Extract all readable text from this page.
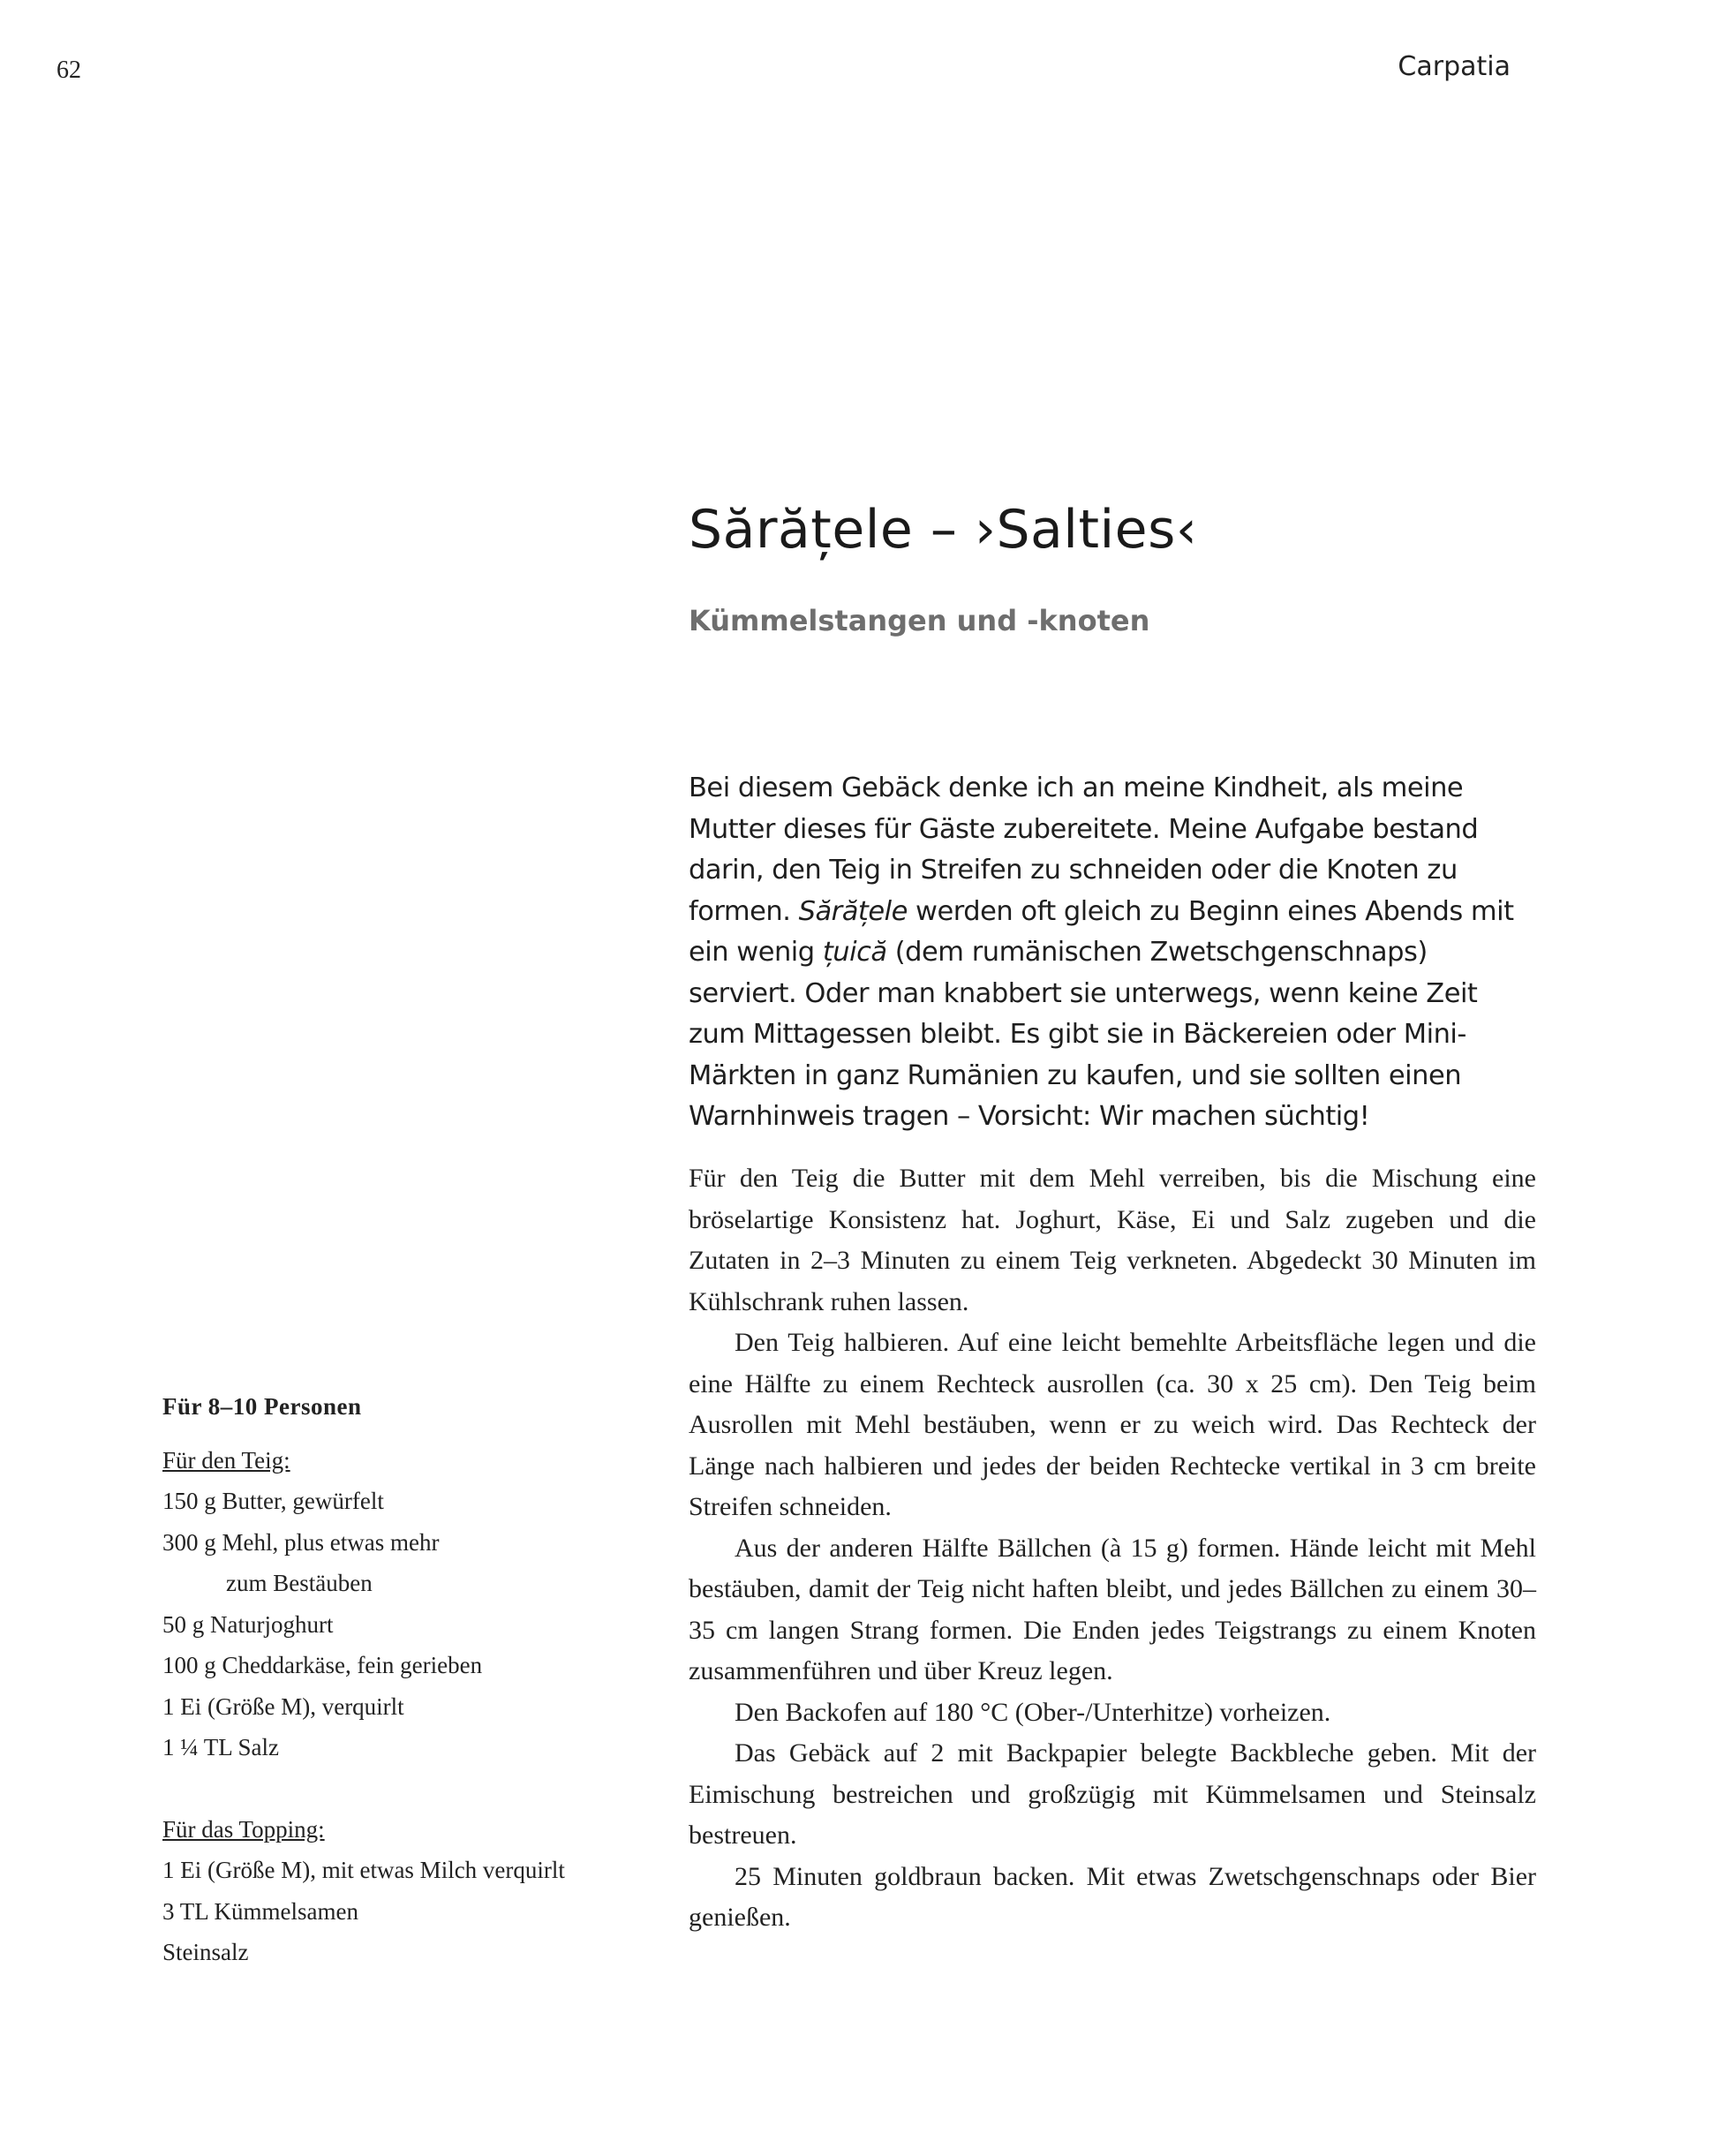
62	Carpatia
Sărățele – ›Salties‹
Kümmelstangen und -knoten

Bei diesem Gebäck denke ich an meine Kindheit, als meine Mutter dieses für Gäste zubereitete. Meine Aufgabe bestand darin, den Teig in Streifen zu schneiden oder die Knoten zu formen. Sărățele werden oft gleich zu Beginn eines Abends mit ein wenig țuică (dem rumänischen Zwetschgenschnaps) serviert. Oder man knabbert sie unterwegs, wenn keine Zeit zum Mittagessen bleibt. Es gibt sie in Bäckereien oder Mini-Märkten in ganz Rumänien zu kaufen, und sie sollten einen Warnhinweis tragen – Vorsicht: Wir machen süchtig!

Für 8–10 Personen

Für den Teig:

150 g Butter, gewürfelt
300 g Mehl, plus etwas mehr
zum Bestäuben
50 g Naturjoghurt
100 g Cheddarkäse, fein gerieben
1 Ei (Größe M), verquirlt
1 ¼ TL Salz

Für das Topping:

1 Ei (Größe M), mit etwas Milch verquirlt
3 TL Kümmelsamen
Steinsalz

Für den Teig die Butter mit dem Mehl verreiben, bis die Mischung eine bröselartige Konsistenz hat. Joghurt, Käse, Ei und Salz zugeben und die Zutaten in 2–3 Minuten zu einem Teig verkneten. Abgedeckt 30 Minuten im Kühlschrank ruhen lassen.

Den Teig halbieren. Auf eine leicht bemehlte Arbeitsfläche legen und die eine Hälfte zu einem Rechteck ausrollen (ca. 30 x 25 cm). Den Teig beim Ausrollen mit Mehl bestäuben, wenn er zu weich wird. Das Rechteck der Länge nach halbieren und jedes der beiden Rechtecke vertikal in 3 cm breite Streifen schneiden.

Aus der anderen Hälfte Bällchen (à 15 g) formen. Hände leicht mit Mehl bestäuben, damit der Teig nicht haften bleibt, und jedes Bällchen zu einem 30–35 cm langen Strang formen. Die Enden jedes Teigstrangs zu einem Knoten zusammenführen und über Kreuz legen.

Den Backofen auf 180 °C (Ober-/Unterhitze) vorheizen.

Das Gebäck auf 2 mit Backpapier belegte Backbleche geben. Mit der Eimischung bestreichen und großzügig mit Kümmelsamen und Steinsalz bestreuen.

25 Minuten goldbraun backen. Mit etwas Zwetschgenschnaps oder Bier genießen.
